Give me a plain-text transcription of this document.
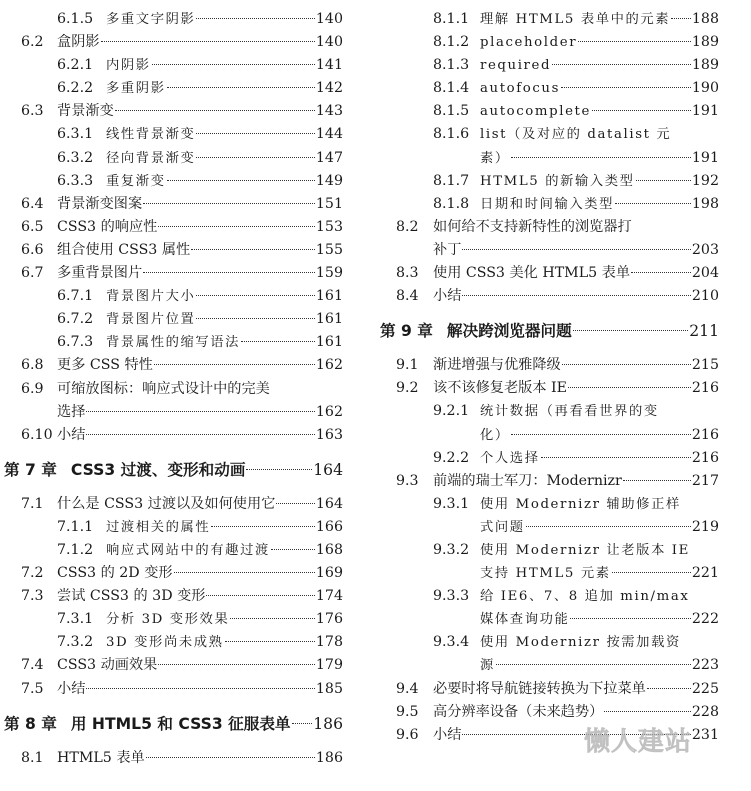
6.1.5 多重文字阴影	140
6.2 盒阴影	140
6.2.1 内阴影	141
6.2.2 多重阴影	142
6.3 背景渐变	143
6.3.1 线性背景渐变	144
6.3.2 径向背景渐变	147
6.3.3 重复渐变	149
6.4 背景渐变图案	151
6.5 CSS3 的响应性	153
6.6 组合使用 CSS3 属性	155
6.7 多重背景图片	159
6.7.1 背景图片大小	161
6.7.2 背景图片位置	161
6.7.3 背景属性的缩写语法	161
6.8 更多 CSS 特性	162
6.9 可缩放图标：响应式设计中的完美
选择	162
6.10 小结	163
第 7 章 CSS3 过渡、变形和动画	164
7.1 什么是 CSS3 过渡以及如何使用它	164
7.1.1 过渡相关的属性	166
7.1.2 响应式网站中的有趣过渡	168
7.2 CSS3 的 2D 变形	169
7.3 尝试 CSS3 的 3D 变形	174
7.3.1 分析 3D 变形效果	176
7.3.2 3D 变形尚未成熟	178
7.4 CSS3 动画效果	179
7.5 小结	185
第 8 章 用 HTML5 和 CSS3 征服表单 186
8.1 HTML5 表单	186
8.1.1 理解 HTML5 表单中的元素 188
8.1.2 placeholder	189
8.1.3 required	189
8.1.4 autofocus	190
8.1.5 autocomplete	191
8.1.6 list（及对应的 datalist 元
素）	191
8.1.7 HTML5 的新输入类型	192
8.1.8 日期和时间输入类型	198
8.2	如何给不支持新特性的浏览器打
补丁	203
8.3	使用 CSS3 美化 HTML5 表单	204
8.4	小结	210
第 9 章 解决跨浏览器问题	211
9.1	渐进增强与优雅降级	215
9.2	该不该修复老版本 IE	216
9.2.1 统计数据（再看看世界的变
化）	216
9.2.2 个人选择	216
9.3	前端的瑞士军刀：Modernizr	217
9.3.1 使用 Modernizr 辅助修正样
式问题	219
9.3.2 使用 Modernizr 让老版本 IE
支持 HTML5 元素	221
9.3.3 给 IE6、7、8 追加 min/max
媒体查询功能	222
9.3.4 使用 Modernizr 按需加载资
源	223
9.4	必要时将导航链接转换为下拉菜单	225
9.5	高分辨率设备（未来趋势）	228
9.6	小结	231
懒人建站
